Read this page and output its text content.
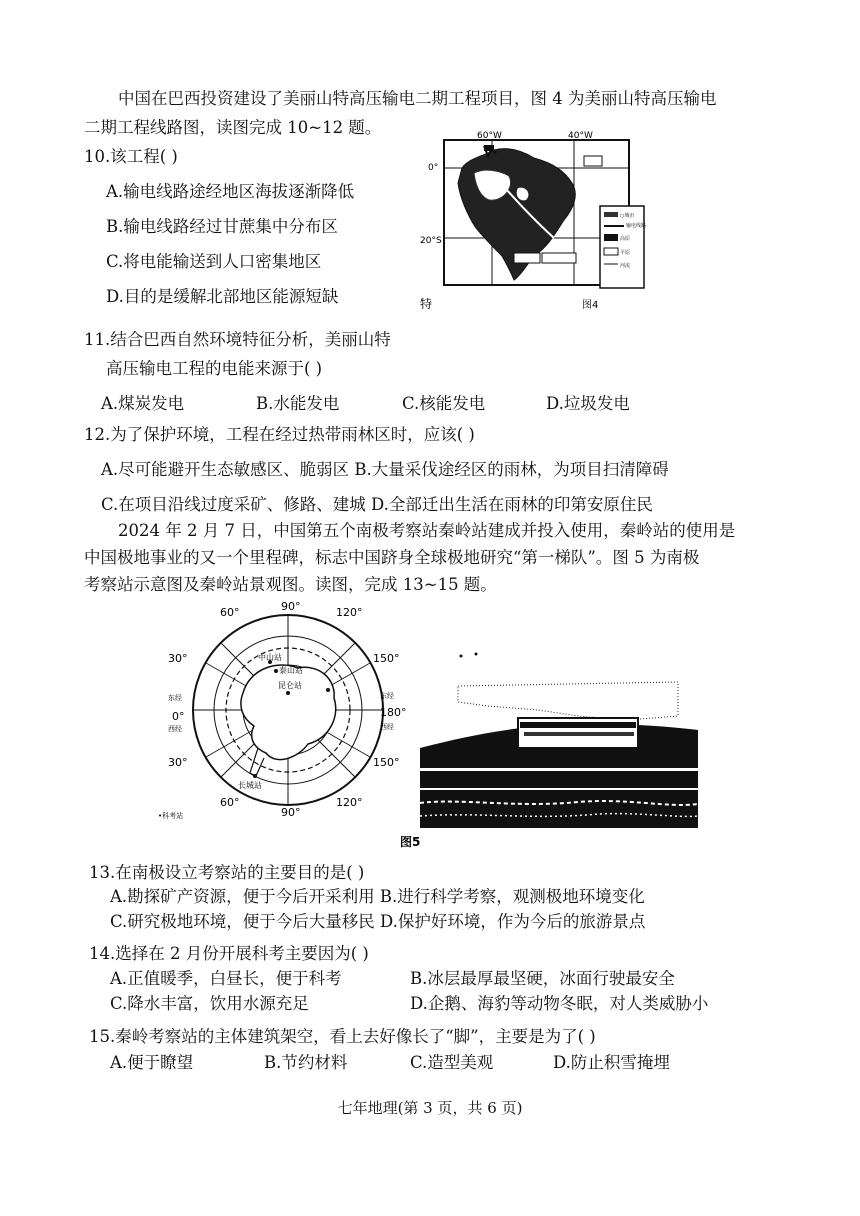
中国在巴西投资建设了美丽山特高压输电二期工程项目，图 4 为美丽山特高压输电
二期工程线路图，读图完成 10~12 题。
10.该工程( )
A.输电线路途经地区海拔逐渐降低
B.输电线路经过甘蔗集中分布区
C.将电能输送到人口密集地区
D.目的是缓解北部地区能源短缺
60°W	40°W
0°
20°S
○城市
输电线路
高原
平原
河流
特	图4
11.结合巴西自然环境特征分析，美丽山特
高压输电工程的电能来源于( )
A.煤炭发电	B.水能发电	C.核能发电	D.垃圾发电
12.为了保护环境，工程在经过热带雨林区时，应该( )
A.尽可能避开生态敏感区、脆弱区 B.大量采伐途经区的雨林，为项目扫清障碍
C.在项目沿线过度采矿、修路、建城 D.全部迁出生活在雨林的印第安原住民
2024 年 2 月 7 日，中国第五个南极考察站秦岭站建成并投入使用，秦岭站的使用是
中国极地事业的又一个里程碑，标志中国跻身全球极地研究“第一梯队”。图 5 为南极
考察站示意图及秦岭站景观图。读图，完成 13~15 题。
中山站
泰山站
昆仑站
长城站
60°	90°	120°
30°
0°
30°
150°
180°
150°
60°
90°
120°
东经
西经
东经
西经
•科考站
图5
13.在南极设立考察站的主要目的是( )
A.勘探矿产资源，便于今后开采利用 B.进行科学考察，观测极地环境变化
C.研究极地环境，便于今后大量移民 D.保护好环境，作为今后的旅游景点
14.选择在 2 月份开展科考主要因为( )
A.正值暖季，白昼长，便于科考	B.冰层最厚最坚硬，冰面行驶最安全
C.降水丰富，饮用水源充足	D.企鹅、海豹等动物冬眠，对人类威胁小
15.秦岭考察站的主体建筑架空，看上去好像长了“脚”，主要是为了( )
A.便于瞭望	B.节约材料	C.造型美观	D.防止积雪掩埋
七年地理(第 3 页，共 6 页)
